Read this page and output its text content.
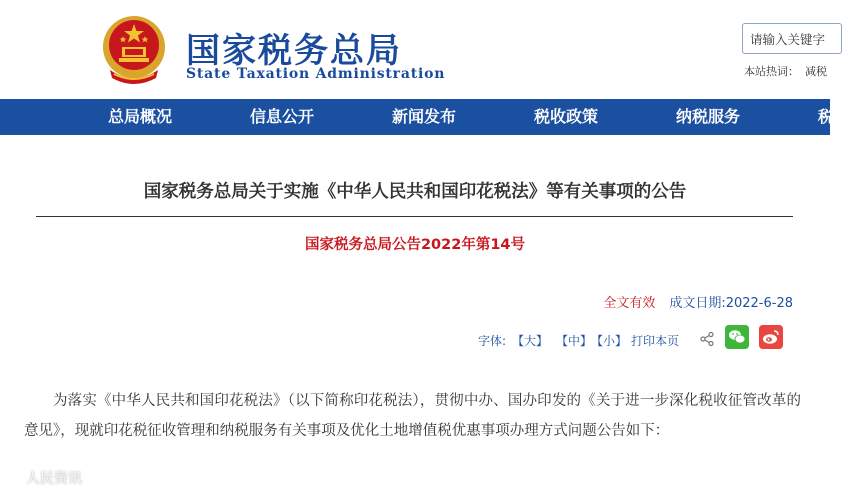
国家税务总局
State Taxation Administration
请输入关键字
本站热词： 减税
总局概况	信息公开	新闻发布	税收政策	纳税服务	税
国家税务总局关于实施《中华人民共和国印花税法》等有关事项的公告
国家税务总局公告2022年第14号
全文有效 成文日期:2022-6-28
字体: 【大】 【中】
【小】 打印本页

为落实《中华人民共和国印花税法》（以下简称印花税法），贯彻中办、国办印发的《关于进一步深化税收征管改革的意见》，现就印花税征收管理和纳税服务有关事项及优化土地增值税优惠事项办理方式问题公告如下：

人民资讯
